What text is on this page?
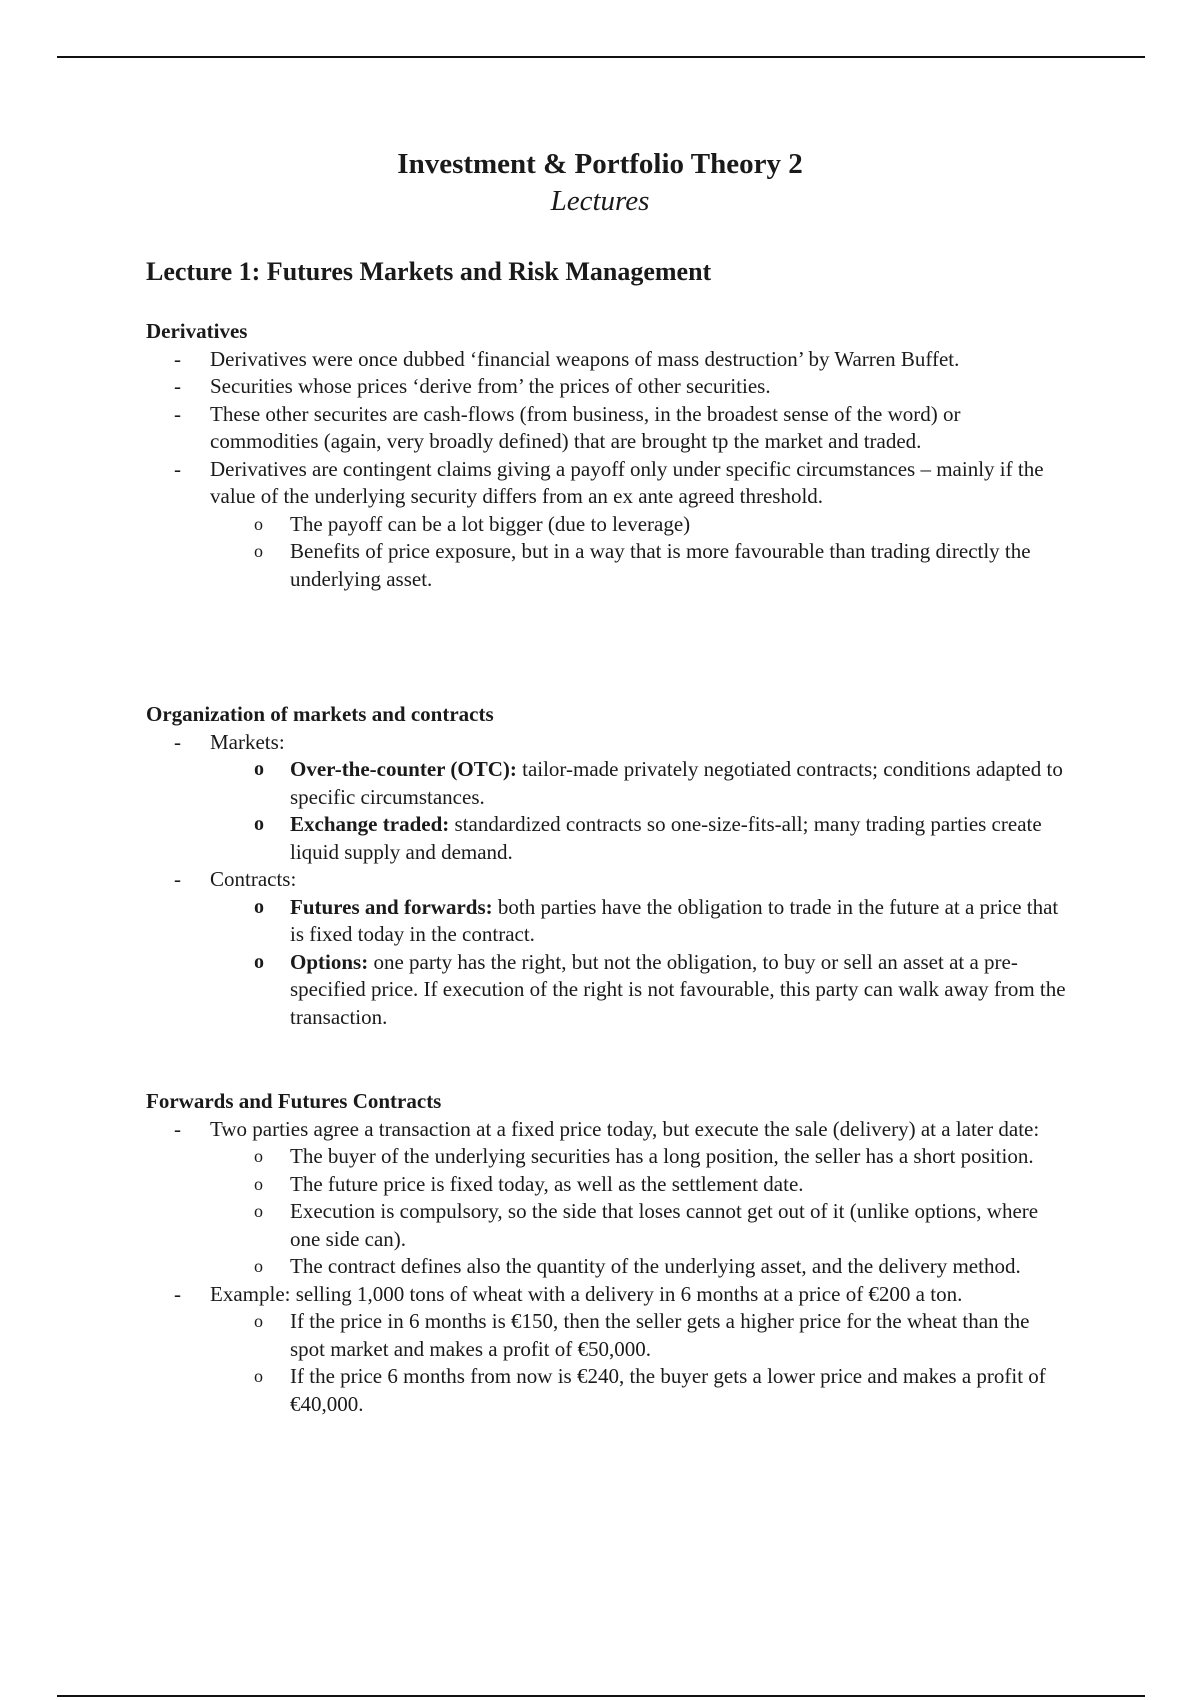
Investment & Portfolio Theory 2
Lectures
Lecture 1: Futures Markets and Risk Management

Derivatives

- Derivatives were once dubbed ‘financial weapons of mass destruction’ by Warren Buffet.
- Securities whose prices ‘derive from’ the prices of other securities.
- These other securites are cash-flows (from business, in the broadest sense of the word) or commodities (again, very broadly defined) that are brought tp the market and traded.
- Derivatives are contingent claims giving a payoff only under specific circumstances – mainly if the value of the underlying security differs from an ex ante agreed threshold.
o The payoff can be a lot bigger (due to leverage)
o Benefits of price exposure, but in a way that is more favourable than trading directly the underlying asset.

Organization of markets and contracts

- Markets:
o Over-the-counter (OTC): tailor-made privately negotiated contracts; conditions adapted to specific circumstances.
o Exchange traded: standardized contracts so one-size-fits-all; many trading parties create liquid supply and demand.
- Contracts:
o Futures and forwards: both parties have the obligation to trade in the future at a price that is fixed today in the contract.
o Options: one party has the right, but not the obligation, to buy or sell an asset at a pre-specified price. If execution of the right is not favourable, this party can walk away from the transaction.

Forwards and Futures Contracts

- Two parties agree a transaction at a fixed price today, but execute the sale (delivery) at a later date:
o The buyer of the underlying securities has a long position, the seller has a short position.
o The future price is fixed today, as well as the settlement date.
o Execution is compulsory, so the side that loses cannot get out of it (unlike options, where one side can).
o The contract defines also the quantity of the underlying asset, and the delivery method.
- Example: selling 1,000 tons of wheat with a delivery in 6 months at a price of €200 a ton.
o If the price in 6 months is €150, then the seller gets a higher price for the wheat than the spot market and makes a profit of €50,000.
o If the price 6 months from now is €240, the buyer gets a lower price and makes a profit of €40,000.
